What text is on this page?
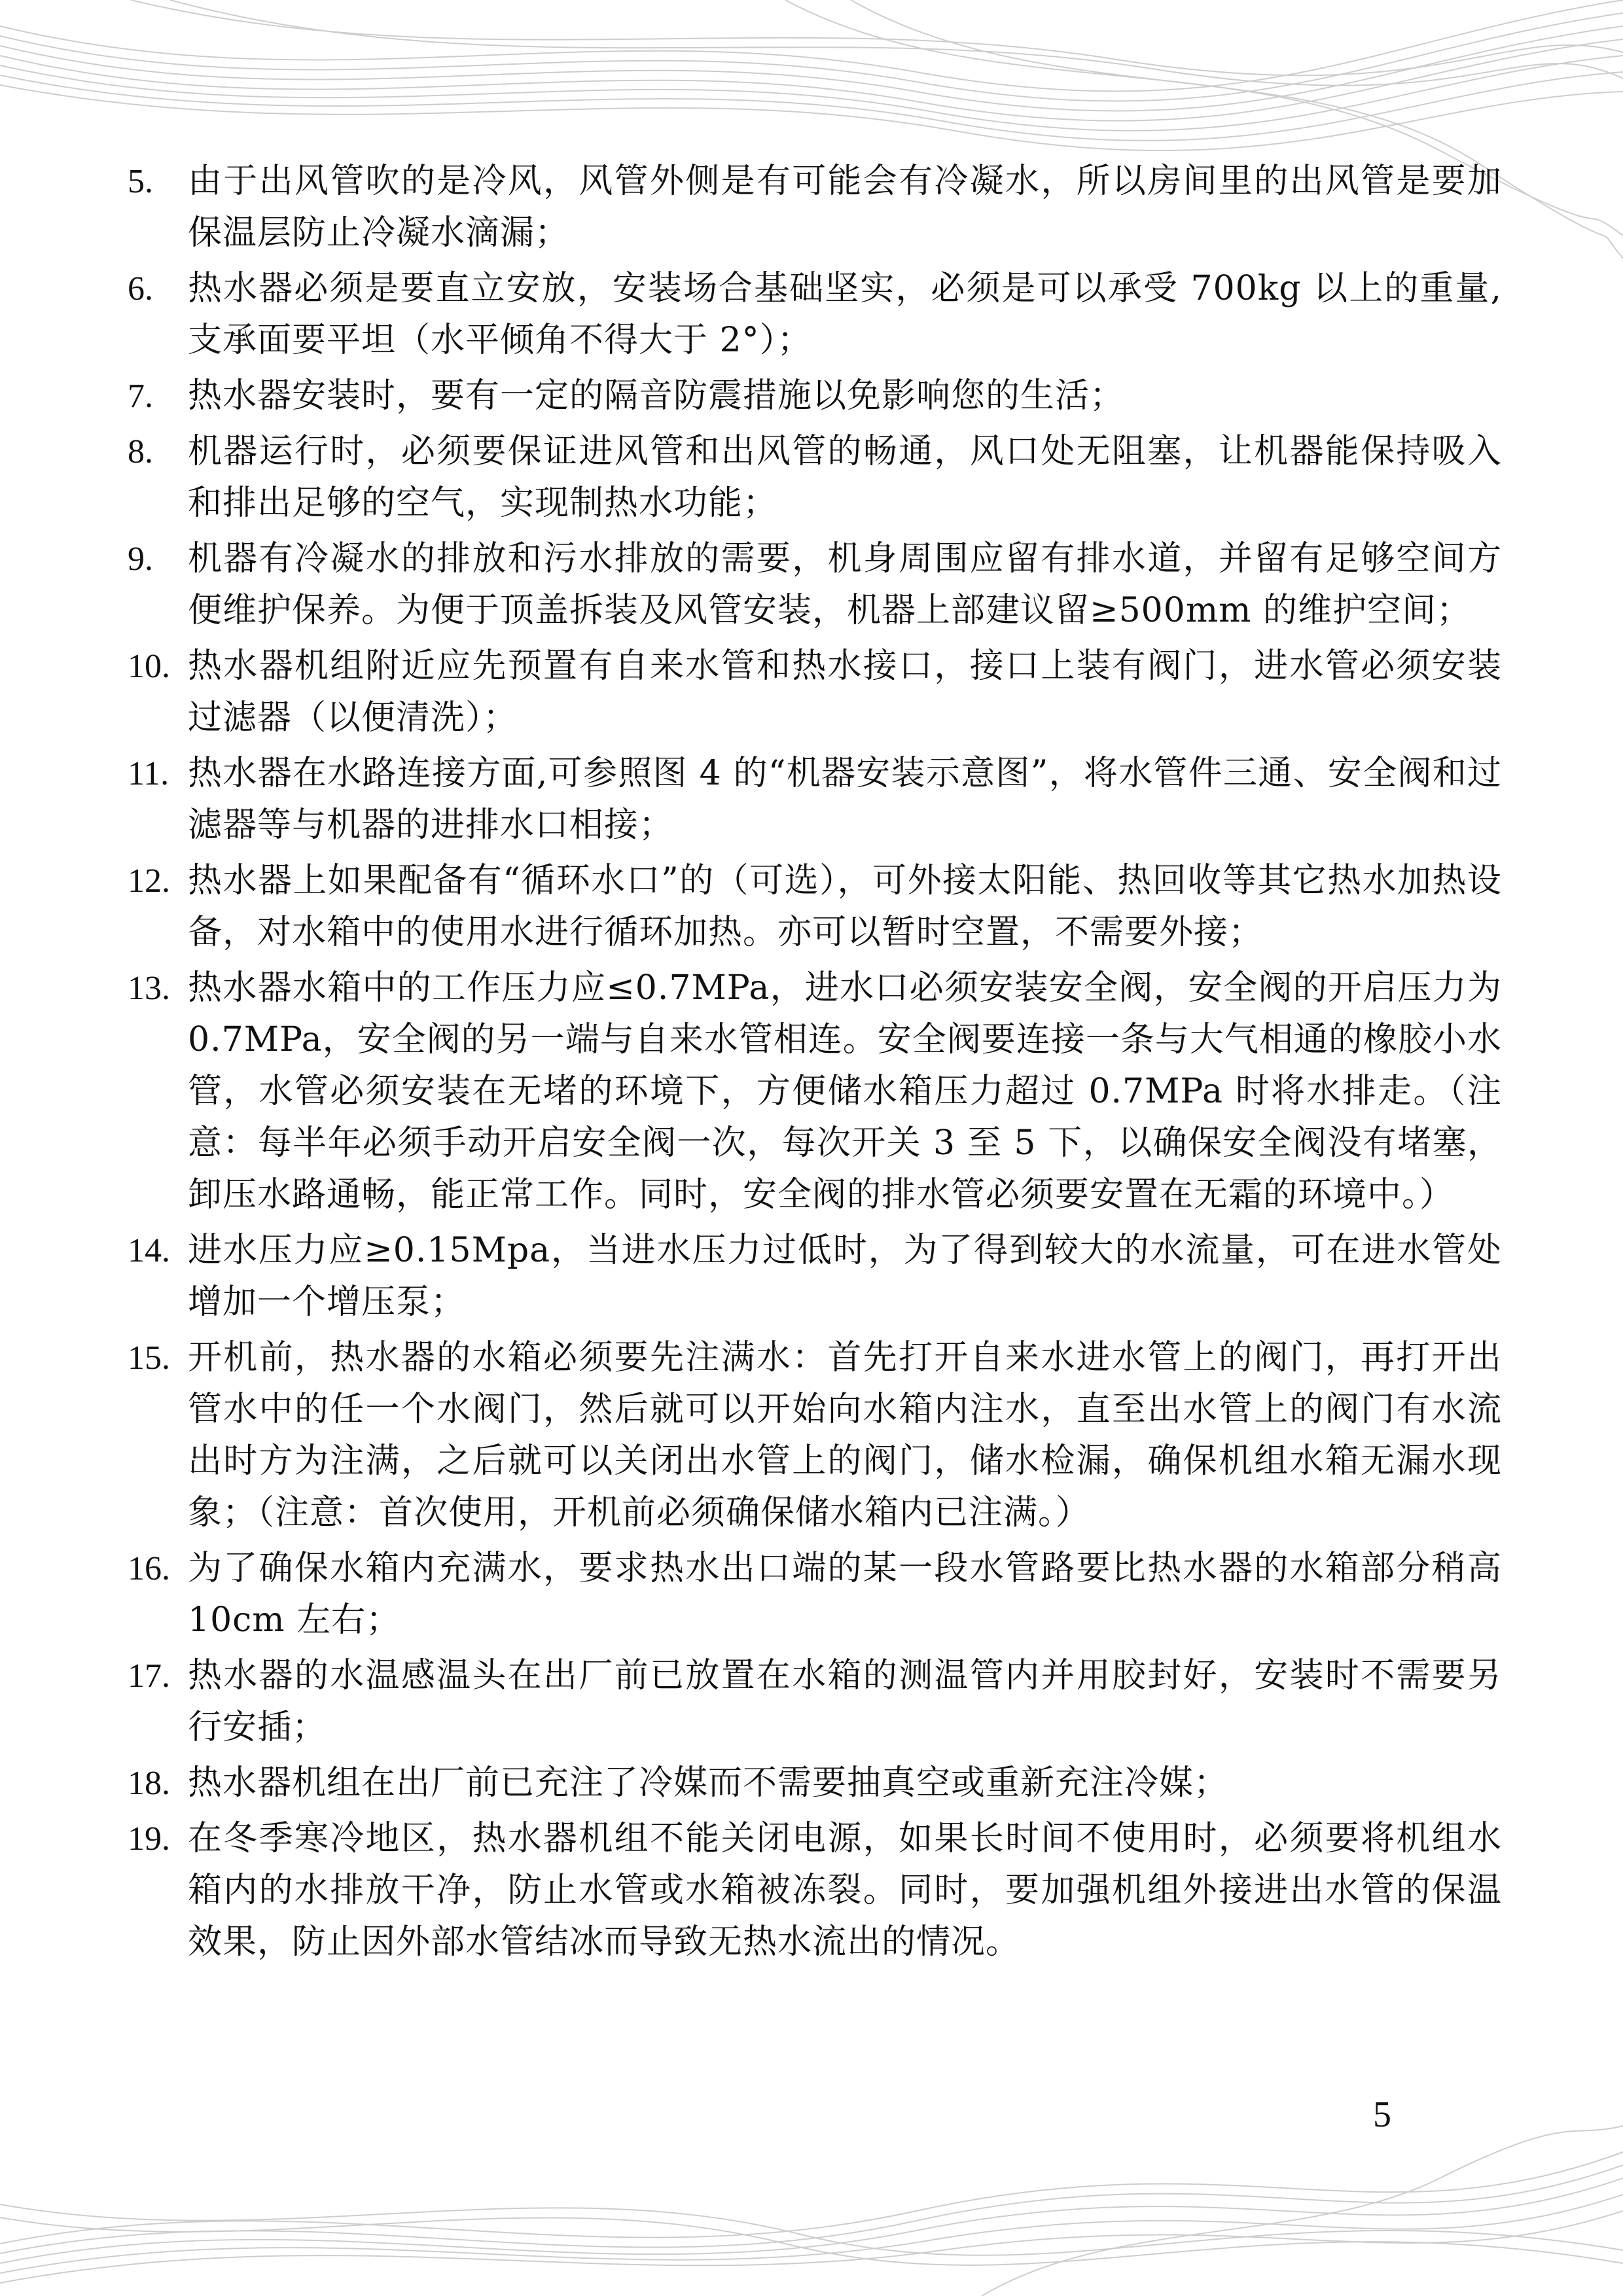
5.	由于出风管吹的是冷风，风管外侧是有可能会有冷凝水，所以房间里的出风管是要加保温层防止冷凝水滴漏；
6.	热水器必须是要直立安放，安装场合基础坚实，必须是可以承受 700kg 以上的重量,支承面要平坦（水平倾角不得大于 2°）；
7.	热水器安装时，要有一定的隔音防震措施以免影响您的生活；
8.	机器运行时，必须要保证进风管和出风管的畅通，风口处无阻塞，让机器能保持吸入和排出足够的空气，实现制热水功能；
9.	机器有冷凝水的排放和污水排放的需要，机身周围应留有排水道，并留有足够空间方便维护保养。为便于顶盖拆装及风管安装，机器上部建议留≥500mm 的维护空间；
10. 热水器机组附近应先预置有自来水管和热水接口，接口上装有阀门，进水管必须安装过滤器（以便清洗）；
11. 热水器在水路连接方面,可参照图 4 的“机器安装示意图”，将水管件三通、安全阀和过滤器等与机器的进排水口相接；
12. 热水器上如果配备有“循环水口”的（可选），可外接太阳能、热回收等其它热水加热设备，对水箱中的使用水进行循环加热。亦可以暂时空置，不需要外接；
13. 热水器水箱中的工作压力应≤0.7MPa，进水口必须安装安全阀，安全阀的开启压力为 0.7MPa，安全阀的另一端与自来水管相连。安全阀要连接一条与大气相通的橡胶小水管，水管必须安装在无堵的环境下，方便储水箱压力超过 0.7MPa 时将水排走。（注意：每半年必须手动开启安全阀一次，每次开关 3 至 5 下，以确保安全阀没有堵塞，卸压水路通畅，能正常工作。同时，安全阀的排水管必须要安置在无霜的环境中。）
14. 进水压力应≥0.15Mpa，当进水压力过低时，为了得到较大的水流量，可在进水管处增加一个增压泵；
15. 开机前，热水器的水箱必须要先注满水：首先打开自来水进水管上的阀门，再打开出管水中的任一个水阀门，然后就可以开始向水箱内注水，直至出水管上的阀门有水流出时方为注满，之后就可以关闭出水管上的阀门，储水检漏，确保机组水箱无漏水现象；（注意：首次使用，开机前必须确保储水箱内已注满。）
16. 为了确保水箱内充满水，要求热水出口端的某一段水管路要比热水器的水箱部分稍高 10cm 左右；
17. 热水器的水温感温头在出厂前已放置在水箱的测温管内并用胶封好，安装时不需要另行安插；
18. 热水器机组在出厂前已充注了冷媒而不需要抽真空或重新充注冷媒；
19. 在冬季寒冷地区，热水器机组不能关闭电源，如果长时间不使用时，必须要将机组水箱内的水排放干净，防止水管或水箱被冻裂。同时，要加强机组外接进出水管的保温效果，防止因外部水管结冰而导致无热水流出的情况。
5
